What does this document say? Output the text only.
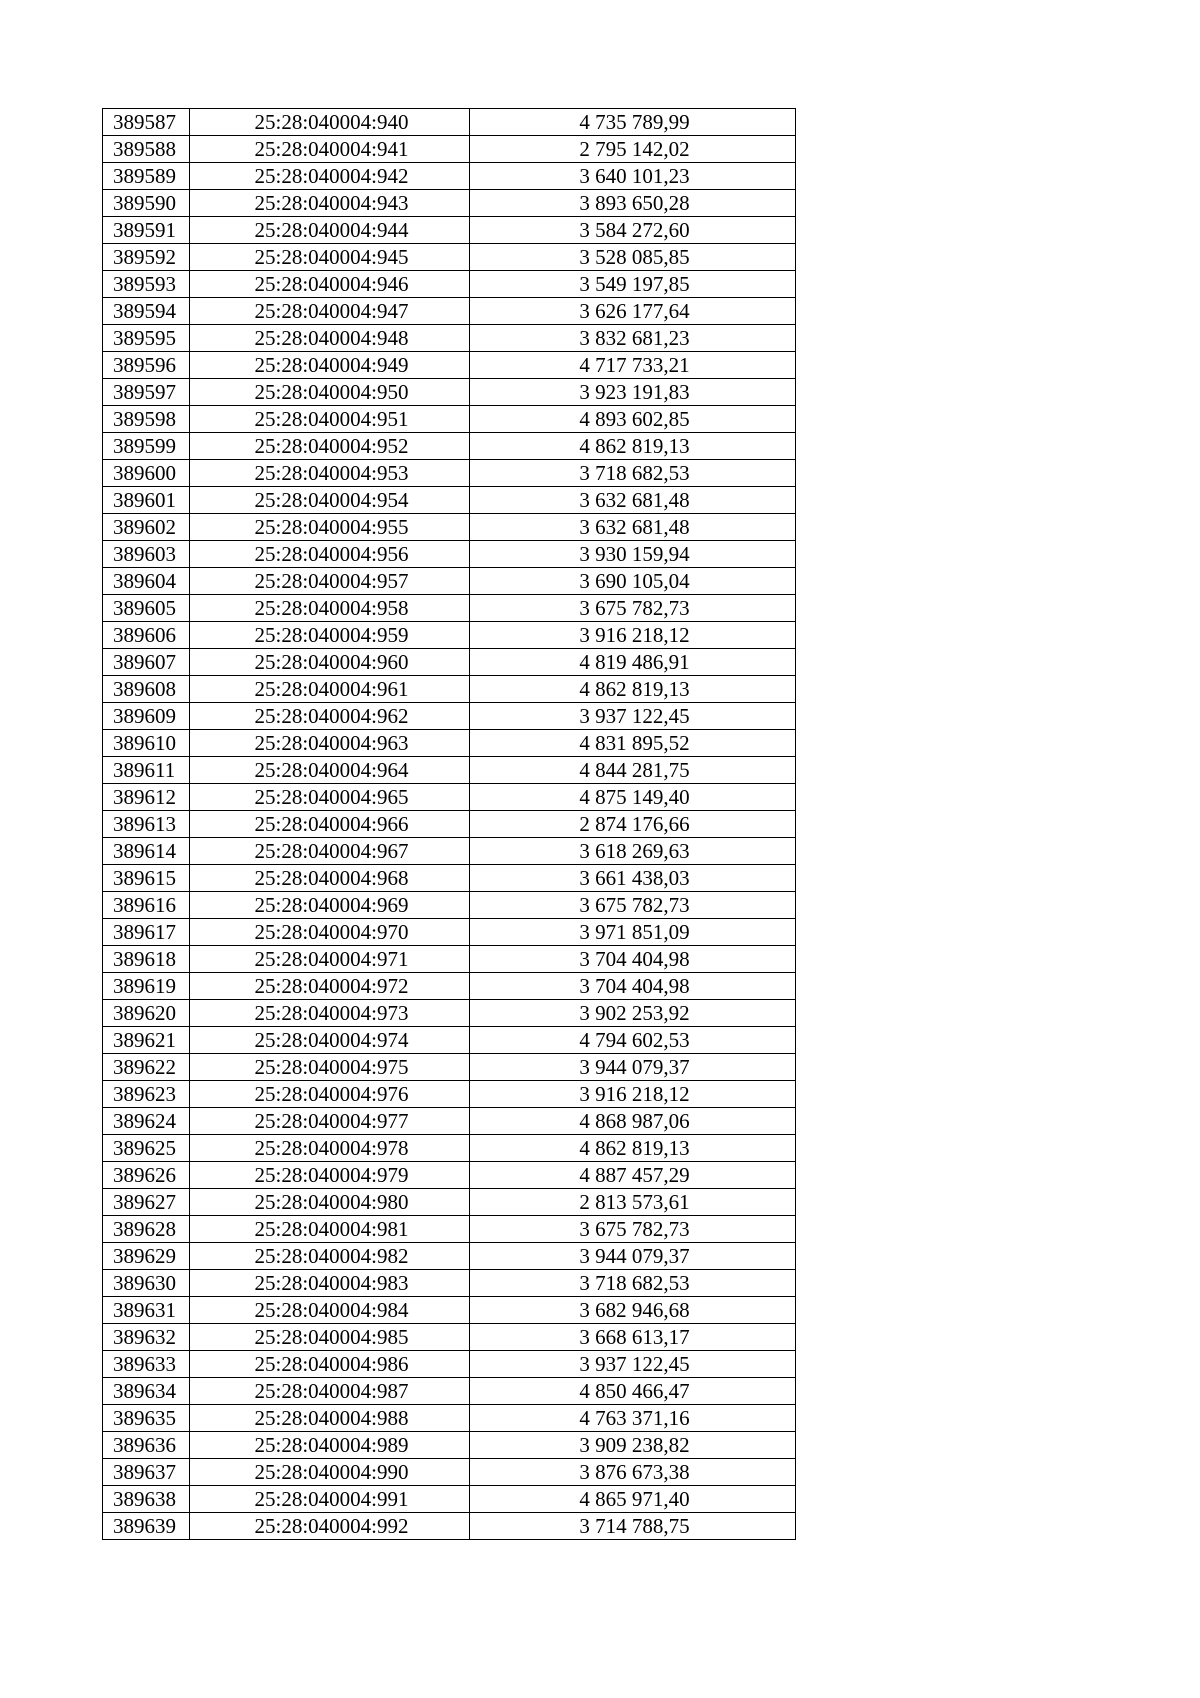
389587	25:28:040004:940	4 735 789,99
389588	25:28:040004:941	2 795 142,02
389589	25:28:040004:942	3 640 101,23
389590	25:28:040004:943	3 893 650,28
389591	25:28:040004:944	3 584 272,60
389592	25:28:040004:945	3 528 085,85
389593	25:28:040004:946	3 549 197,85
389594	25:28:040004:947	3 626 177,64
389595	25:28:040004:948	3 832 681,23
389596	25:28:040004:949	4 717 733,21
389597	25:28:040004:950	3 923 191,83
389598	25:28:040004:951	4 893 602,85
389599	25:28:040004:952	4 862 819,13
389600	25:28:040004:953	3 718 682,53
389601	25:28:040004:954	3 632 681,48
389602	25:28:040004:955	3 632 681,48
389603	25:28:040004:956	3 930 159,94
389604	25:28:040004:957	3 690 105,04
389605	25:28:040004:958	3 675 782,73
389606	25:28:040004:959	3 916 218,12
389607	25:28:040004:960	4 819 486,91
389608	25:28:040004:961	4 862 819,13
389609	25:28:040004:962	3 937 122,45
389610	25:28:040004:963	4 831 895,52
389611	25:28:040004:964	4 844 281,75
389612	25:28:040004:965	4 875 149,40
389613	25:28:040004:966	2 874 176,66
389614	25:28:040004:967	3 618 269,63
389615	25:28:040004:968	3 661 438,03
389616	25:28:040004:969	3 675 782,73
389617	25:28:040004:970	3 971 851,09
389618	25:28:040004:971	3 704 404,98
389619	25:28:040004:972	3 704 404,98
389620	25:28:040004:973	3 902 253,92
389621	25:28:040004:974	4 794 602,53
389622	25:28:040004:975	3 944 079,37
389623	25:28:040004:976	3 916 218,12
389624	25:28:040004:977	4 868 987,06
389625	25:28:040004:978	4 862 819,13
389626	25:28:040004:979	4 887 457,29
389627	25:28:040004:980	2 813 573,61
389628	25:28:040004:981	3 675 782,73
389629	25:28:040004:982	3 944 079,37
389630	25:28:040004:983	3 718 682,53
389631	25:28:040004:984	3 682 946,68
389632	25:28:040004:985	3 668 613,17
389633	25:28:040004:986	3 937 122,45
389634	25:28:040004:987	4 850 466,47
389635	25:28:040004:988	4 763 371,16
389636	25:28:040004:989	3 909 238,82
389637	25:28:040004:990	3 876 673,38
389638	25:28:040004:991	4 865 971,40
389639	25:28:040004:992	3 714 788,75
